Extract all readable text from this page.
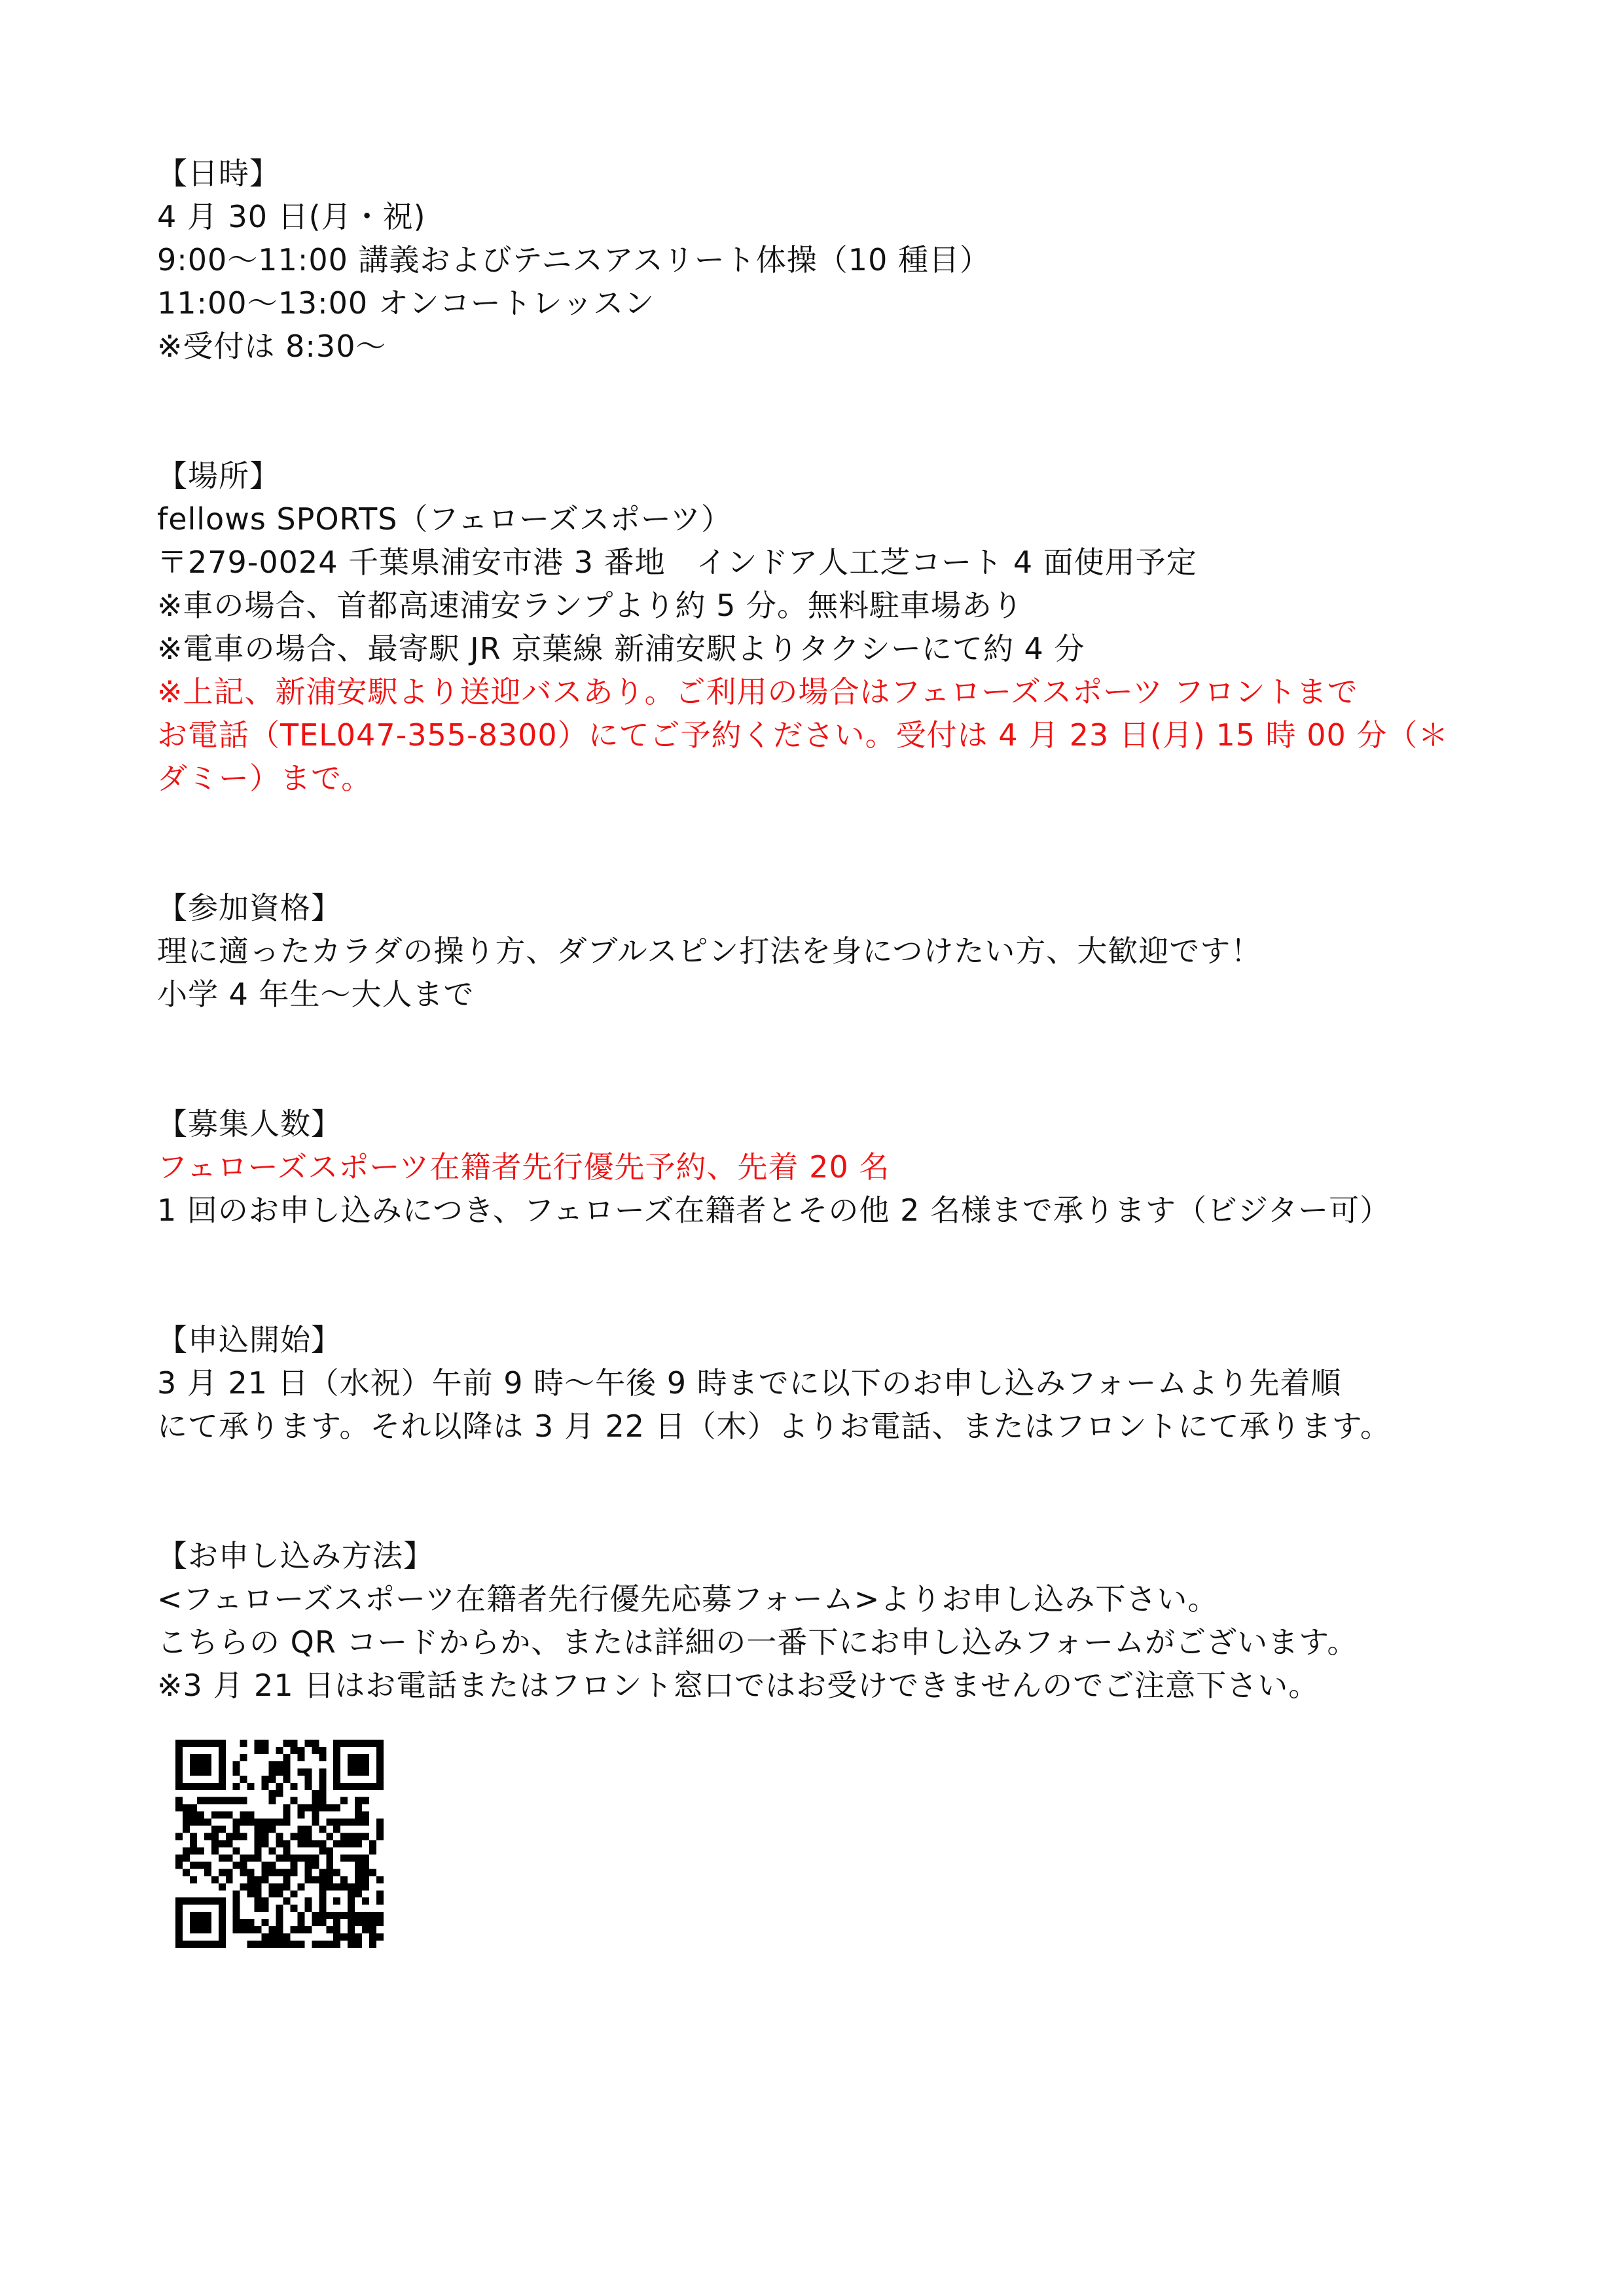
【日時】
4 月 30 日(月・祝)
9:00～11:00 講義およびテニスアスリート体操（10 種目）
11:00～13:00 オンコートレッスン
※受付は 8:30～
【場所】
fellows SPORTS（フェローズスポーツ）
〒279-0024 千葉県浦安市港 3 番地　インドア人工芝コート 4 面使用予定
※車の場合、首都高速浦安ランプより約 5 分。無料駐車場あり
※電車の場合、最寄駅 JR 京葉線 新浦安駅よりタクシーにて約 4 分
※上記、新浦安駅より送迎バスあり。ご利用の場合はフェローズスポーツ フロントまで
お電話（TEL047-355-8300）にてご予約ください。受付は 4 月 23 日(月) 15 時 00 分（＊
ダミー）まで。
【参加資格】
理に適ったカラダの操り方、ダブルスピン打法を身につけたい方、大歓迎です！
小学 4 年生～大人まで
【募集人数】
フェローズスポーツ在籍者先行優先予約、先着 20 名
1 回のお申し込みにつき、フェローズ在籍者とその他 2 名様まで承ります（ビジター可）
【申込開始】
3 月 21 日（水祝）午前 9 時～午後 9 時までに以下のお申し込みフォームより先着順
にて承ります。それ以降は 3 月 22 日（木）よりお電話、またはフロントにて承ります。
【お申し込み方法】
<フェローズスポーツ在籍者先行優先応募フォーム>よりお申し込み下さい。
こちらの QR コードからか、または詳細の一番下にお申し込みフォームがございます。
※3 月 21 日はお電話またはフロント窓口ではお受けできませんのでご注意下さい。
